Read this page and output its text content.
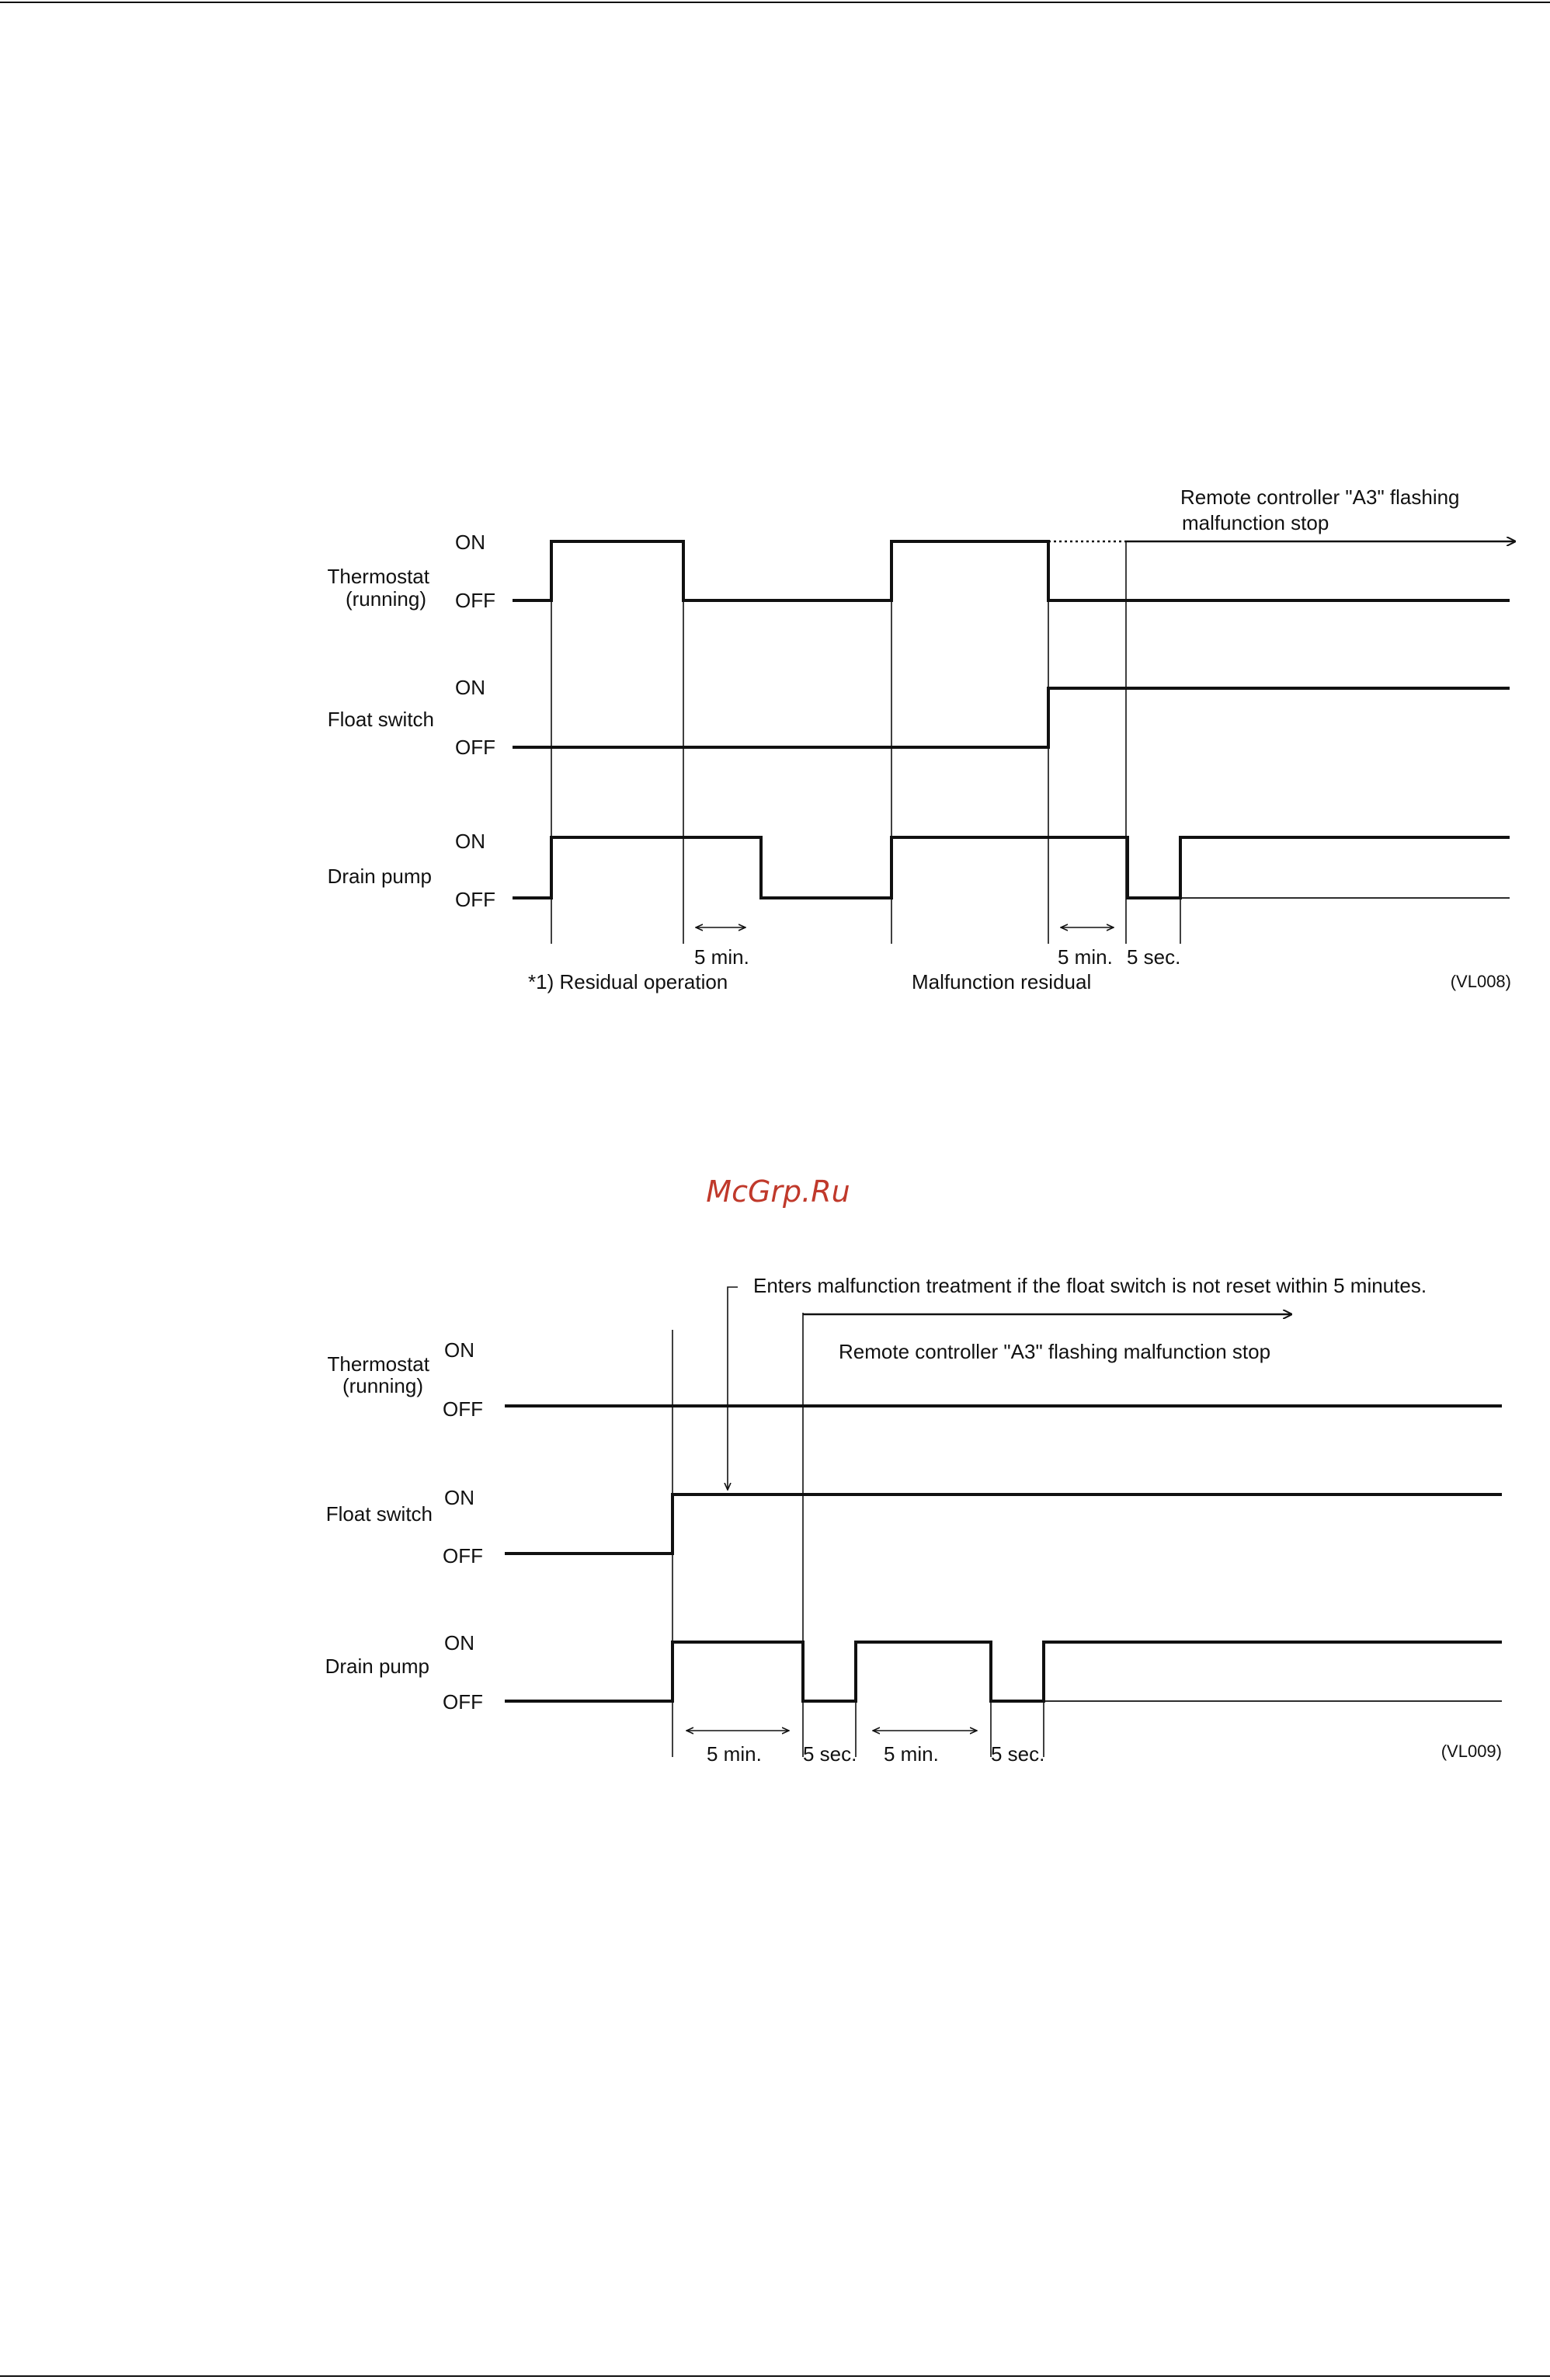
Thermostat
(running)
ON
OFF
Float switch
ON
OFF
Drain pump
ON
OFF
Remote controller "A3" flashing
malfunction stop
5 min.	5 min. 5 sec.
*1) Residual operation	Malfunction residual	(VL008)
McGrp.Ru
Thermostat
(running)
ON
OFF
Float switch
ON
OFF
Drain pump
ON
OFF
Remote controller "A3" flashing malfunction stop
Enters malfunction treatment if the float switch is not reset within 5 minutes.
5 min. 5 sec. 5 min.	5 sec.	(VL009)
